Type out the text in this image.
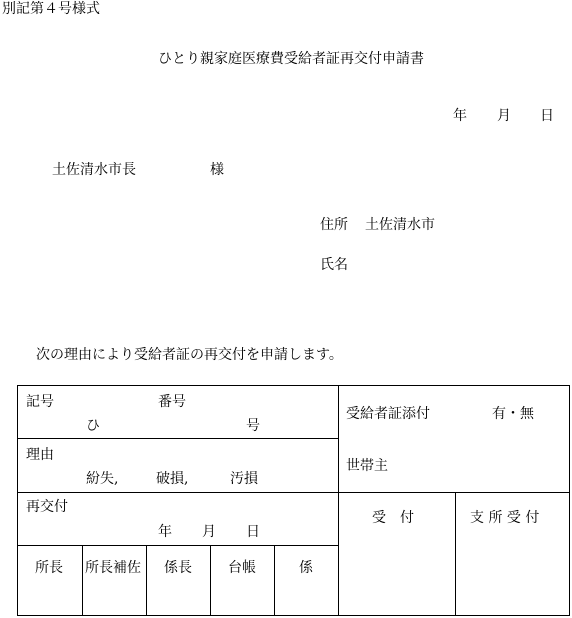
別記第４号様式
ひとり親家庭医療費受給者証再交付申請書
年 月 日
土佐清水市長	様
住所 土佐清水市
氏名
次の理由により受給者証の再交付を申請します。
記号	番号
ひ	号
受給者証添付	有・無
理由
紛失,	破損,	汚損
世帯主
再交付
年 月 日
受　付	支 所 受 付
所長 所長補佐 係長	台帳	係
